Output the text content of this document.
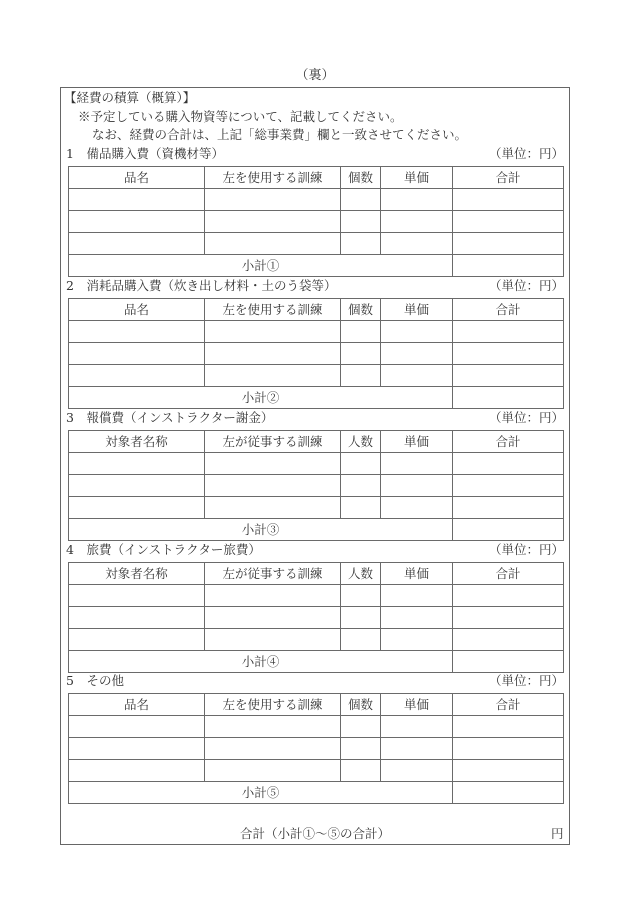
（裏）
【経費の積算（概算）】
※予定している購入物資等について、記載してください。
なお、経費の合計は、上記「総事業費」欄と一致させてください。
1　備品購入費（資機材等）	（単位：円）
品名	左を使用する訓練	個数	単価	合計

小計①				
2　消耗品購入費（炊き出し材料・土のう袋等）	（単位：円）
品名	左を使用する訓練	個数	単価	合計

小計②				
3　報償費（インストラクター謝金）	（単位：円）
対象者名称	左が従事する訓練	人数	単価	合計

小計③				
4　旅費（インストラクター旅費）	（単位：円）
対象者名称	左が従事する訓練	人数	単価	合計

小計④				
5　その他	（単位：円）
品名	左を使用する訓練	個数	単価	合計

小計⑤				
合計（小計①～⑤の合計）	円
